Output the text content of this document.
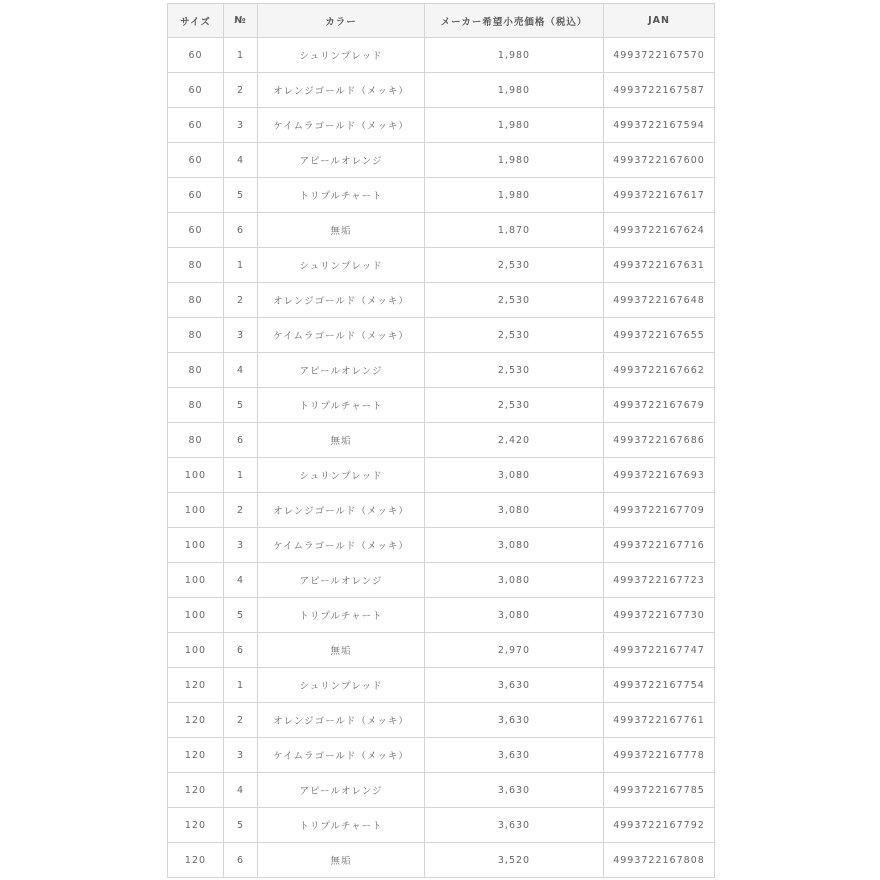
サイズ	№	カラー	メーカー希望小売価格（税込）	JAN
60	1	シュリンプレッド	1,980	4993722167570
60	2	オレンジゴールド（メッキ）	1,980	4993722167587
60	3	ケイムラゴールド（メッキ）	1,980	4993722167594
60	4	アピールオレンジ	1,980	4993722167600
60	5	トリプルチャート	1,980	4993722167617
60	6	無垢	1,870	4993722167624
80	1	シュリンプレッド	2,530	4993722167631
80	2	オレンジゴールド（メッキ）	2,530	4993722167648
80	3	ケイムラゴールド（メッキ）	2,530	4993722167655
80	4	アピールオレンジ	2,530	4993722167662
80	5	トリプルチャート	2,530	4993722167679
80	6	無垢	2,420	4993722167686
100	1	シュリンプレッド	3,080	4993722167693
100	2	オレンジゴールド（メッキ）	3,080	4993722167709
100	3	ケイムラゴールド（メッキ）	3,080	4993722167716
100	4	アピールオレンジ	3,080	4993722167723
100	5	トリプルチャート	3,080	4993722167730
100	6	無垢	2,970	4993722167747
120	1	シュリンプレッド	3,630	4993722167754
120	2	オレンジゴールド（メッキ）	3,630	4993722167761
120	3	ケイムラゴールド（メッキ）	3,630	4993722167778
120	4	アピールオレンジ	3,630	4993722167785
120	5	トリプルチャート	3,630	4993722167792
120	6	無垢	3,520	4993722167808
